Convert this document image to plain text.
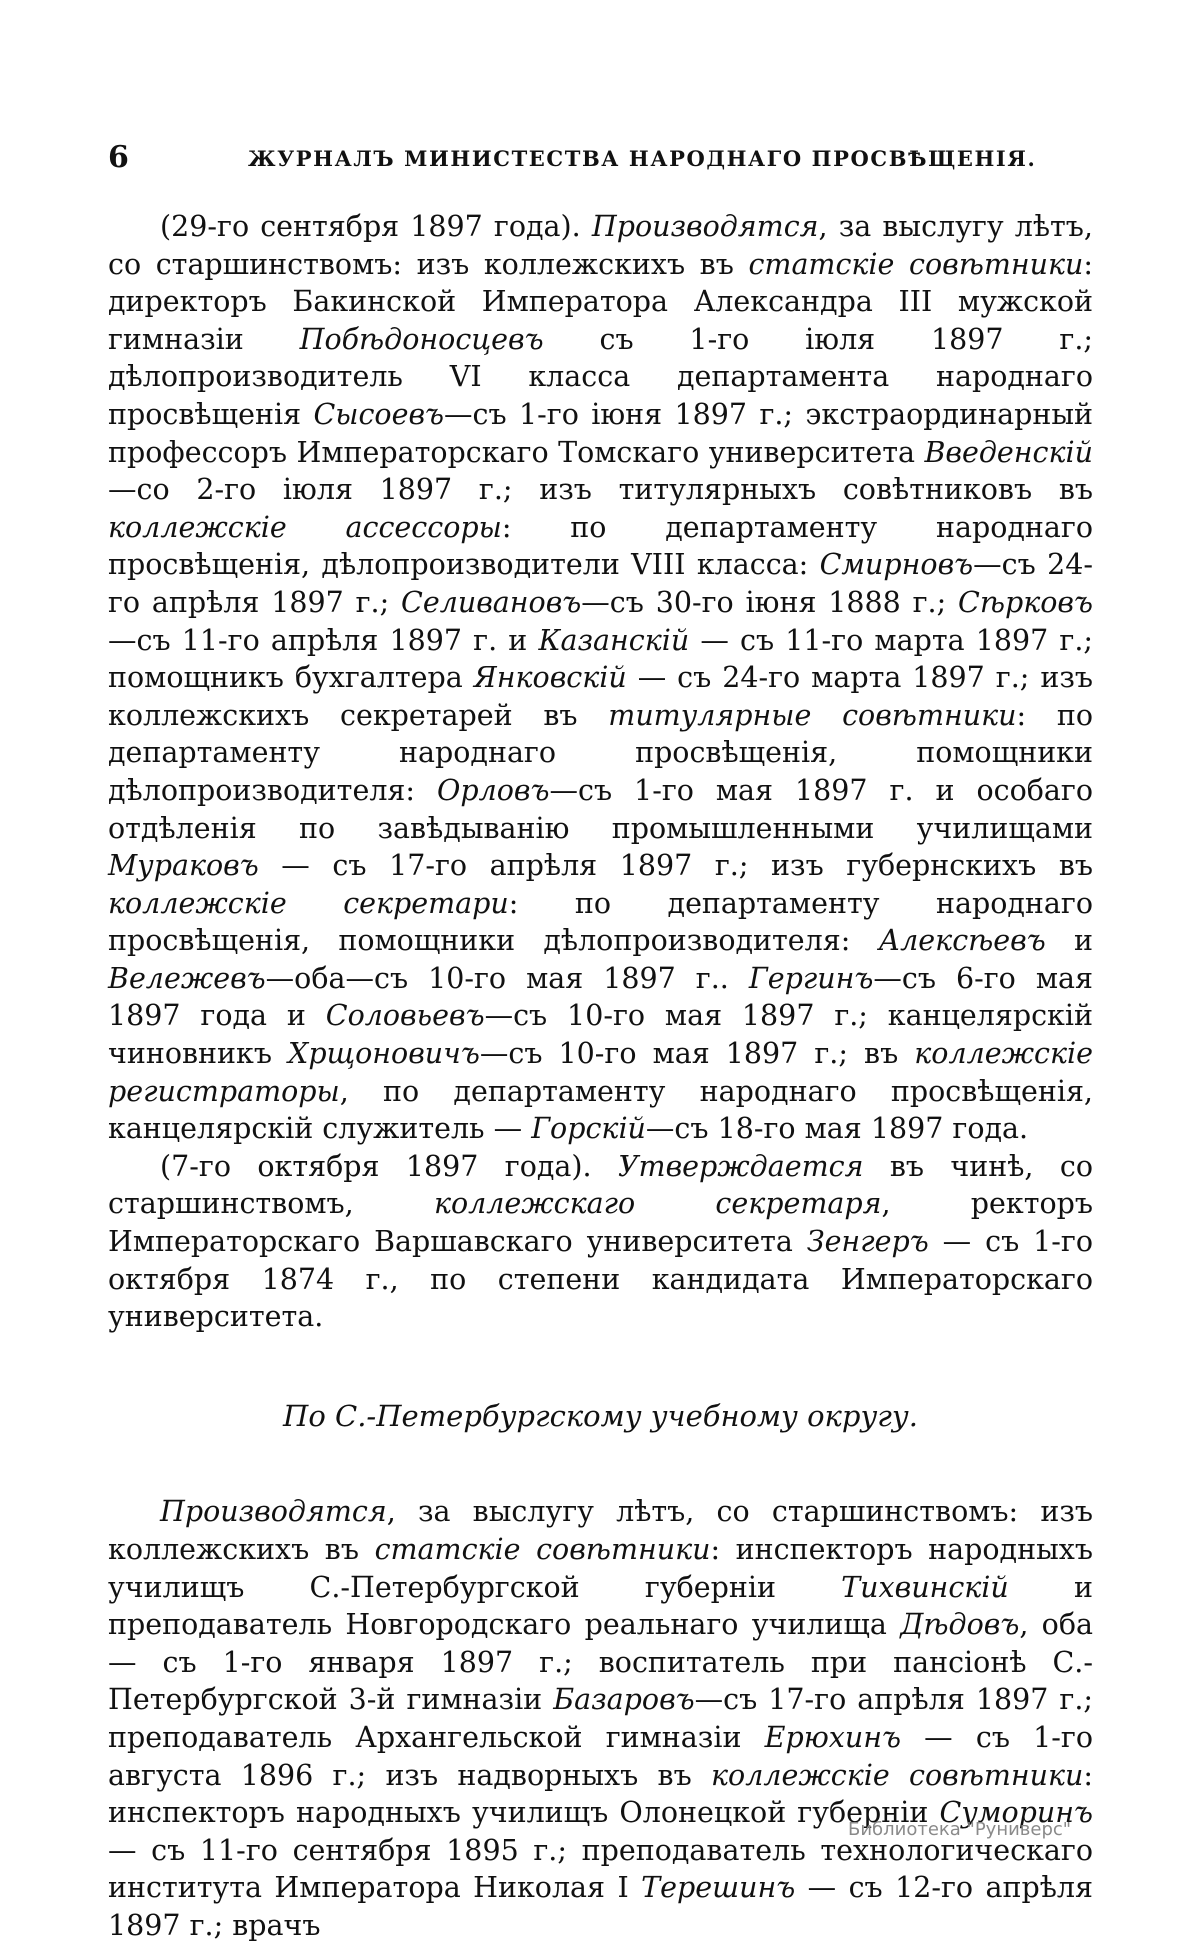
6	ЖУРНАЛЪ МИНИСТЕСТВА НАРОДНАГО ПРОСВѢЩЕНІЯ.

(29-го сентября 1897 года). Производятся, за выслугу лѣтъ, со старшинствомъ: изъ коллежскихъ въ статскіе совѣтники: директоръ Бакинской Императора Александра III мужской гимназіи Побѣдоносцевъ съ 1-го іюля 1897 г.; дѣлопроизводитель VI класса департамента народнаго просвѣщенія Сысоевъ—съ 1-го іюня 1897 г.; экстраординарный профессоръ Императорскаго Томскаго университета Введенскій—со 2-го іюля 1897 г.; изъ титулярныхъ совѣтниковъ въ коллежскіе ассессоры: по департаменту народнаго просвѣщенія, дѣлопроизводители VIII класса: Смирновъ—съ 24-го апрѣля 1897 г.; Селивановъ—съ 30-го іюня 1888 г.; Сѣрковъ—съ 11-го апрѣля 1897 г. и Казанскій — съ 11-го марта 1897 г.; помощникъ бухгалтера Янковскій — съ 24-го марта 1897 г.; изъ коллежскихъ секретарей въ титулярные совѣтники: по департаменту народнаго просвѣщенія, помощники дѣлопроизводителя: Орловъ—съ 1-го мая 1897 г. и особаго отдѣленія по завѣдыванію промышленными училищами Мураковъ — съ 17-го апрѣля 1897 г.; изъ губернскихъ въ коллежскіе секретари: по департаменту народнаго просвѣщенія, помощники дѣлопроизводителя: Алексѣевъ и Вележевъ—оба—съ 10-го мая 1897 г.. Гергинъ—съ 6-го мая 1897 года и Соловьевъ—съ 10-го мая 1897 г.; канцелярскій чиновникъ Хрщоновичъ—съ 10-го мая 1897 г.; въ коллежскіе регистраторы, по департаменту народнаго просвѣщенія, канцелярскій служитель — Горскій—съ 18-го мая 1897 года.

(7-го октября 1897 года). Утверждается въ чинѣ, со старшинствомъ, коллежскаго секретаря, ректоръ Императорскаго Варшавскаго университета Зенгеръ — съ 1-го октября 1874 г., по степени кандидата Императорскаго университета.

По С.-Петербургскому учебному округу.

Производятся, за выслугу лѣтъ, со старшинствомъ: изъ коллежскихъ въ статскіе совѣтники: инспекторъ народныхъ училищъ С.-Петербургской губерніи Тихвинскій и преподаватель Новгородскаго реальнаго училища Дѣдовъ, оба — съ 1-го января 1897 г.; воспитатель при пансіонѣ С.-Петербургской 3-й гимназіи Базаровъ—съ 17-го апрѣля 1897 г.; преподаватель Архангельской гимназіи Ерюхинъ — съ 1-го августа 1896 г.; изъ надворныхъ въ коллежскіе совѣтники: инспекторъ народныхъ училищъ Олонецкой губерніи Суморинъ — съ 11-го сентября 1895 г.; преподаватель технологическаго института Императора Николая I Терешинъ — съ 12-го апрѣля 1897 г.; врачъ

Библиотека "Руниверс"
